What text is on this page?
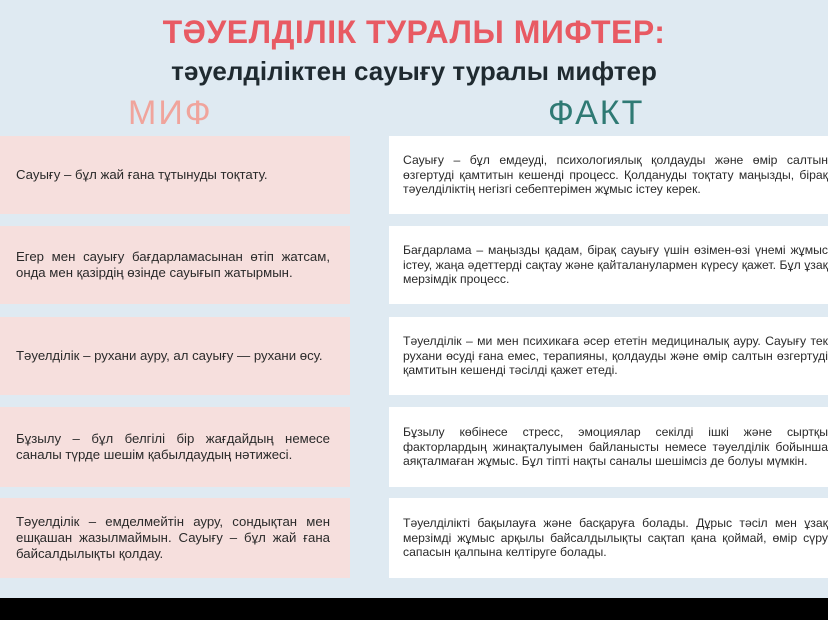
ТӘУЕЛДІЛІК ТУРАЛЫ МИФТЕР:
тәуелділіктен сауығу туралы мифтер
МИФ	ФАКТ
Сауығу – бұл жай ғана тұтынуды тоқтату.
Сауығу – бұл емдеуді, психологиялық қолдауды және өмір салтын өзгертуді қамтитын кешенді процесс. Қолдануды тоқтату маңызды, бірақ тәуелділіктің негізгі себептерімен жұмыс істеу керек.
Егер мен сауығу бағдарламасынан өтіп жатсам, онда мен қазірдің өзінде сауығып жатырмын.
Бағдарлама – маңызды қадам, бірақ сауығу үшін өзімен-өзі үнемі жұмыс істеу, жаңа әдеттерді сақтау және қайталанулармен күресу қажет. Бұл ұзақ мерзімдік процесс.
Тәуелділік – рухани ауру, ал сауығу — рухани өсу.
Тәуелділік – ми мен психикаға әсер ететін медициналық ауру. Сауығу тек рухани өсуді ғана емес, терапияны, қолдауды және өмір салтын өзгертуді қамтитын кешенді тәсілді қажет етеді.
Бұзылу – бұл белгілі бір жағдайдың немесе саналы түрде шешім қабылдаудың нәтижесі.
Бұзылу көбінесе стресс, эмоциялар секілді ішкі және сыртқы факторлардың жинақталуымен байланысты немесе тәуелділік бойынша аяқталмаған жұмыс. Бұл тіпті нақты саналы шешімсіз де болуы мүмкін.
Тәуелділік – емделмейтін ауру, сондықтан мен ешқашан жазылмаймын. Сауығу – бұл жай ғана байсалдылықты қолдау.
Тәуелділікті бақылауға және басқаруға болады. Дұрыс тәсіл мен ұзақ мерзімді жұмыс арқылы байсалдылықты сақтап қана қоймай, өмір сүру сапасын қалпына келтіруге болады.
